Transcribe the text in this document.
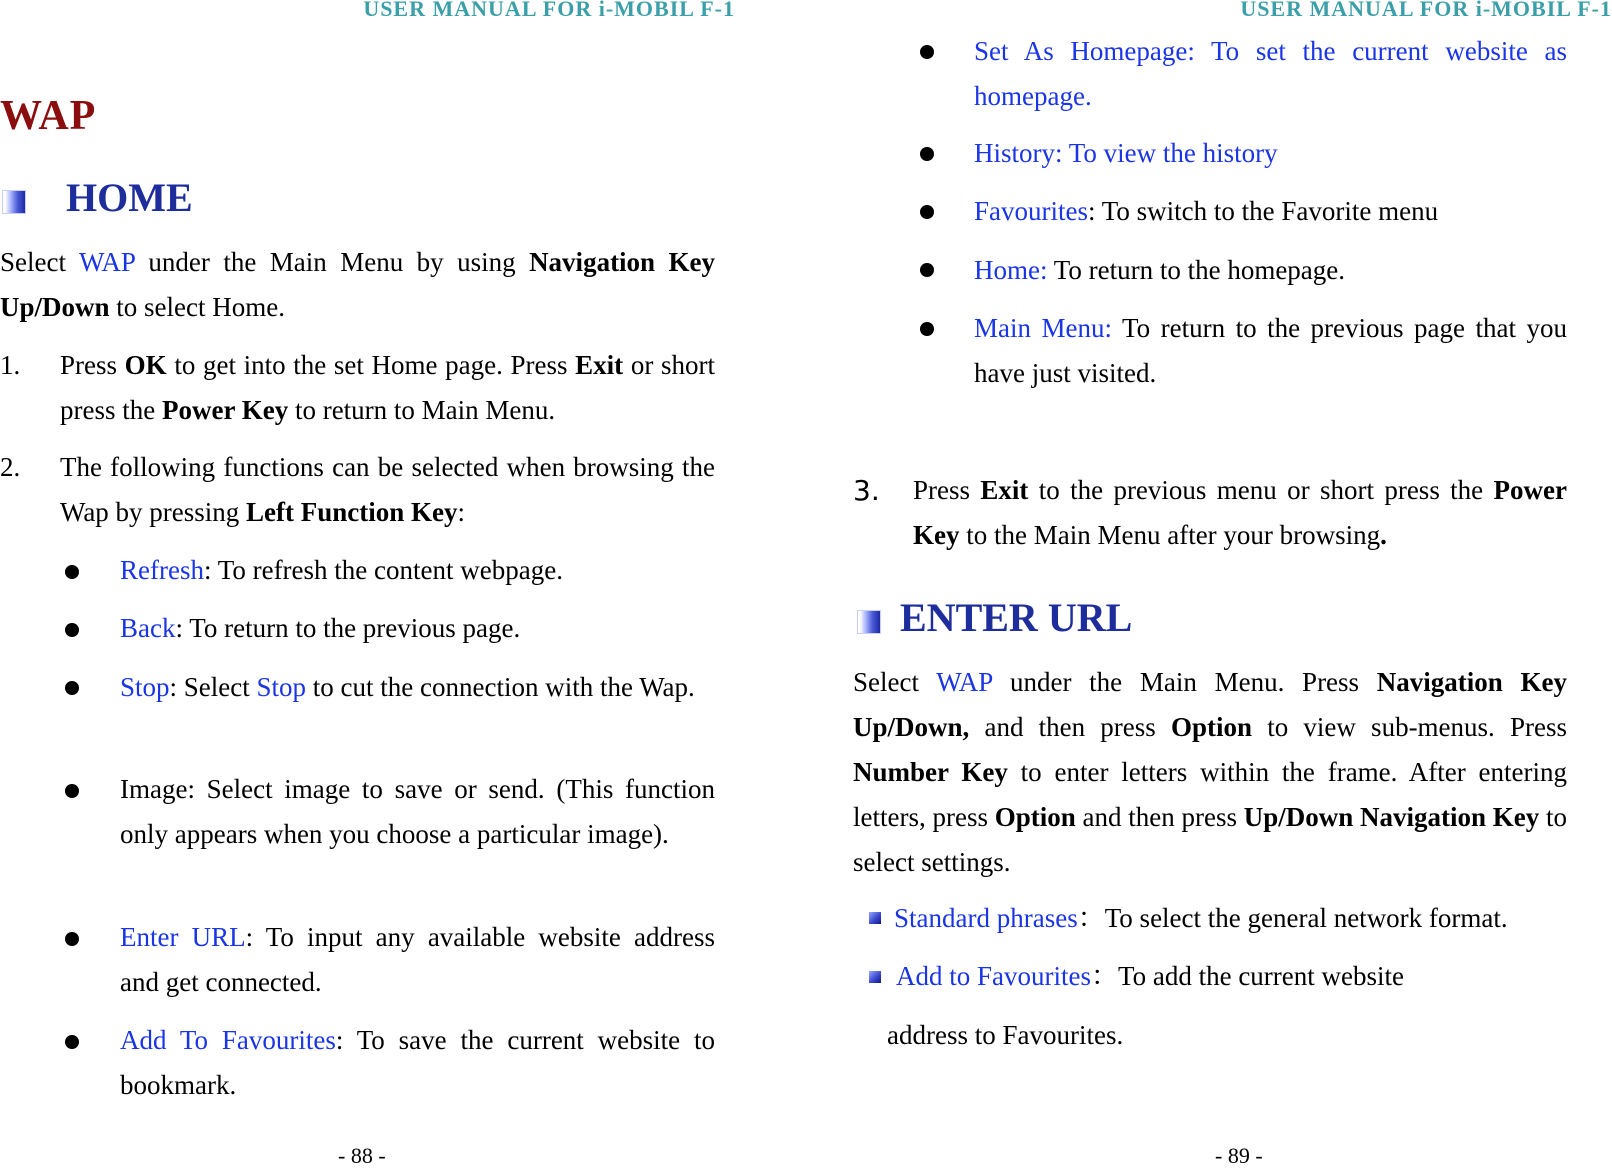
USER MANUAL FOR i-MOBIL F-1
WAP
HOME

Select WAP under the Main Menu by using Navigation Key Up/Down to select Home.

1. Press OK to get into the set Home page. Press Exit or short press the Power Key to return to Main Menu.

2. The following functions can be selected when browsing the Wap by pressing Left Function Key:

Refresh: To refresh the content webpage.

Back: To return to the previous page.

Stop: Select Stop to cut the connection with the Wap.

Image: Select image to save or send. (This function only appears when you choose a particular image).

Enter URL: To input any available website address and get connected.

Add To Favourites: To save the current website to bookmark.

- 88 -
USER MANUAL FOR i-MOBIL F-1

Set As Homepage: To set the current website as homepage.

History: To view the history

Favourites: To switch to the Favorite menu

Home: To return to the homepage.

Main Menu: To return to the previous page that you have just visited.

3. Press Exit to the previous menu or short press the Power Key to the Main Menu after your browsing.

ENTER URL

Select WAP under the Main Menu. Press Navigation Key Up/Down, and then press Option to view sub-menus. Press Number Key to enter letters within the frame. After entering letters, press Option and then press Up/Down Navigation Key to select settings.

Standard phrases：To select the general network format.

Add to Favourites：To add the current website

address to Favourites.

- 89 -
